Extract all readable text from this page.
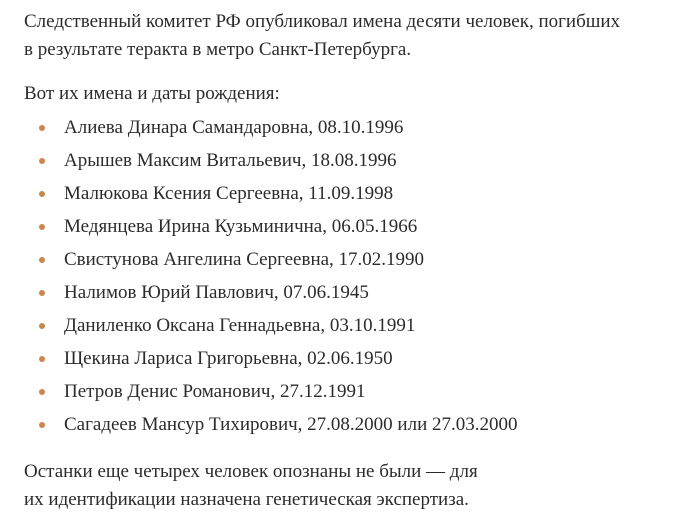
Следственный комитет РФ опубликовал имена десяти человек, погибших
в результате теракта в метро Санкт-Петербурга.

Вот их имена и даты рождения:

Алиева Динара Самандаровна, 08.10.1996
Арышев Максим Витальевич, 18.08.1996
Малюкова Ксения Сергеевна, 11.09.1998
Медянцева Ирина Кузьминична, 06.05.1966
Свистунова Ангелина Сергеевна, 17.02.1990
Налимов Юрий Павлович, 07.06.1945
Даниленко Оксана Геннадьевна, 03.10.1991
Щекина Лариса Григорьевна, 02.06.1950
Петров Денис Романович, 27.12.1991
Сагадеев Мансур Тихирович, 27.08.2000 или 27.03.2000

Останки еще четырех человек опознаны не были — для
их идентификации назначена генетическая экспертиза.
